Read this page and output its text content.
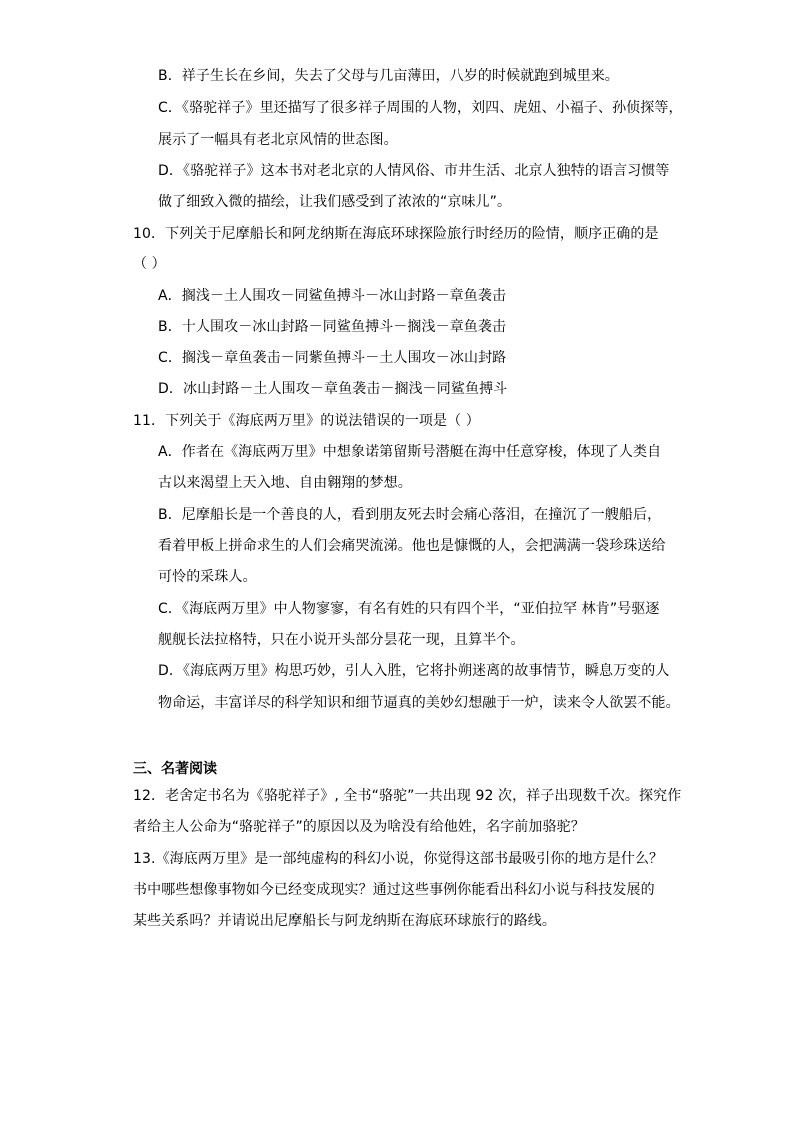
B．祥子生长在乡间，失去了父母与几亩薄田，八岁的时候就跑到城里来。
C．《骆驼祥子》里还描写了很多祥子周围的人物，刘四、虎妞、小福子、孙侦探等，
展示了一幅具有老北京风情的世态图。
D．《骆驼祥子》这本书对老北京的人情风俗、市井生活、北京人独特的语言习惯等
做了细致入微的描绘，让我们感受到了浓浓的“京味儿”。
10．下列关于尼摩船长和阿龙纳斯在海底环球探险旅行时经历的险情，顺序正确的是
（ ）
A．搁浅－土人围攻－同鲨鱼搏斗－冰山封路－章鱼袭击
B．十人围攻－冰山封路－同鲨鱼搏斗－搁浅－章鱼袭击
C．搁浅－章鱼袭击－同紫鱼搏斗－土人围攻－冰山封路
D．冰山封路－土人围攻－章鱼袭击－搁浅－同鲨鱼搏斗
11．下列关于《海底两万里》的说法错误的一项是（ ）
A．作者在《海底两万里》中想象诺第留斯号潜艇在海中任意穿梭，体现了人类自
古以来渴望上天入地、自由翱翔的梦想。
B．尼摩船长是一个善良的人，看到朋友死去时会痛心落泪，在撞沉了一艘船后，
看着甲板上拼命求生的人们会痛哭流涕。他也是慷慨的人，会把满满一袋珍珠送给
可怜的采珠人。
C．《海底两万里》中人物寥寥，有名有姓的只有四个半，“亚伯拉罕 林肯”号驱逐
舰舰长法拉格特，只在小说开头部分昙花一现，且算半个。
D．《海底两万里》构思巧妙，引人入胜，它将扑朔迷离的故事情节，瞬息万变的人
物命运，丰富详尽的科学知识和细节逼真的美妙幻想融于一炉，读来令人欲罢不能。
三、名著阅读
12．老舍定书名为《骆驼祥子》, 全书“骆驼”一共出现 92 次，祥子出现数千次。探究作
者给主人公命为“骆驼祥子”的原因以及为啥没有给他姓，名字前加骆驼？
13.《海底两万里》是一部纯虚构的科幻小说，你觉得这部书最吸引你的地方是什么？
书中哪些想像事物如今已经变成现实？通过这些事例你能看出科幻小说与科技发展的
某些关系吗？并请说出尼摩船长与阿龙纳斯在海底环球旅行的路线。
